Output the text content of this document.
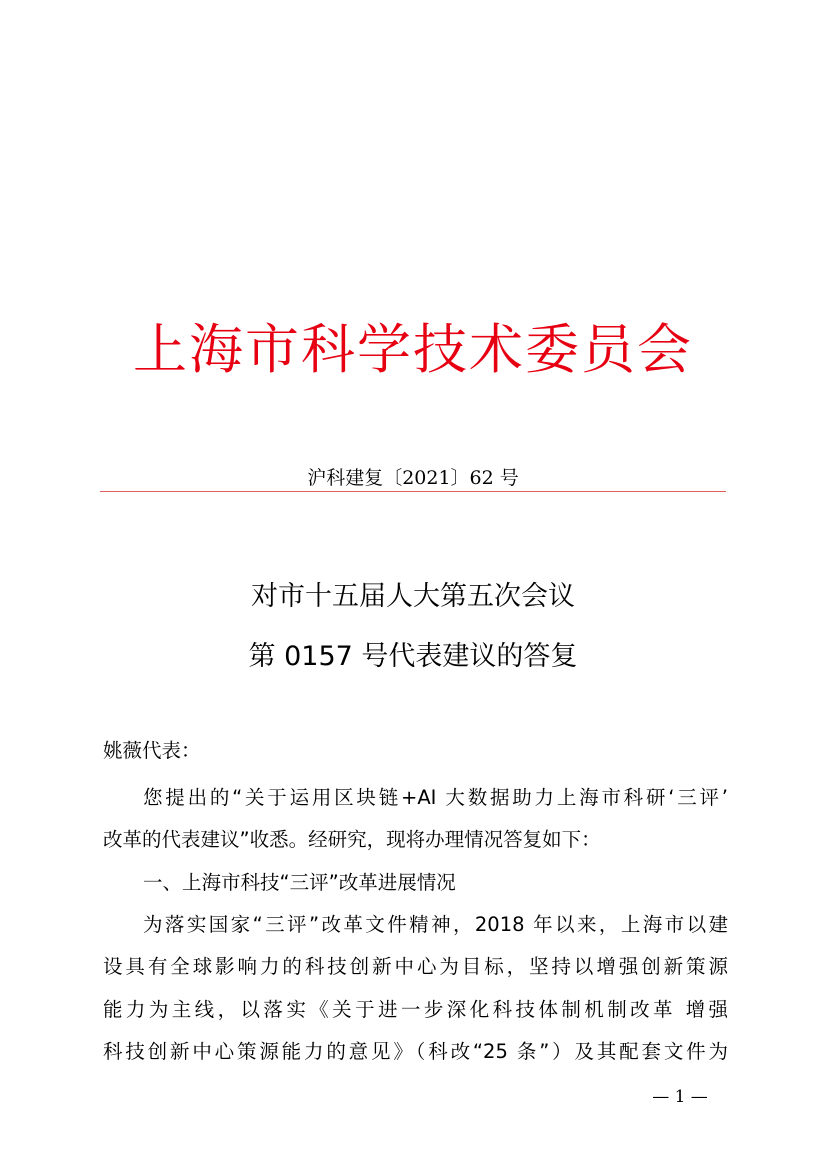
上海市科学技术委员会
沪科建复〔2021〕62 号
对市十五届人大第五次会议
第 0157 号代表建议的答复
姚薇代表：
您提出的“关于运用区块链+AI 大数据助力上海市科研‘三评’
改革的代表建议”收悉。经研究，现将办理情况答复如下：
一、上海市科技“三评”改革进展情况
为落实国家“三评”改革文件精神，2018 年以来，上海市以建
设具有全球影响力的科技创新中心为目标，坚持以增强创新策源
能力为主线，以落实《关于进一步深化科技体制机制改革 增强
科技创新中心策源能力的意见》（科改“25 条”）及其配套文件为
— 1 —
